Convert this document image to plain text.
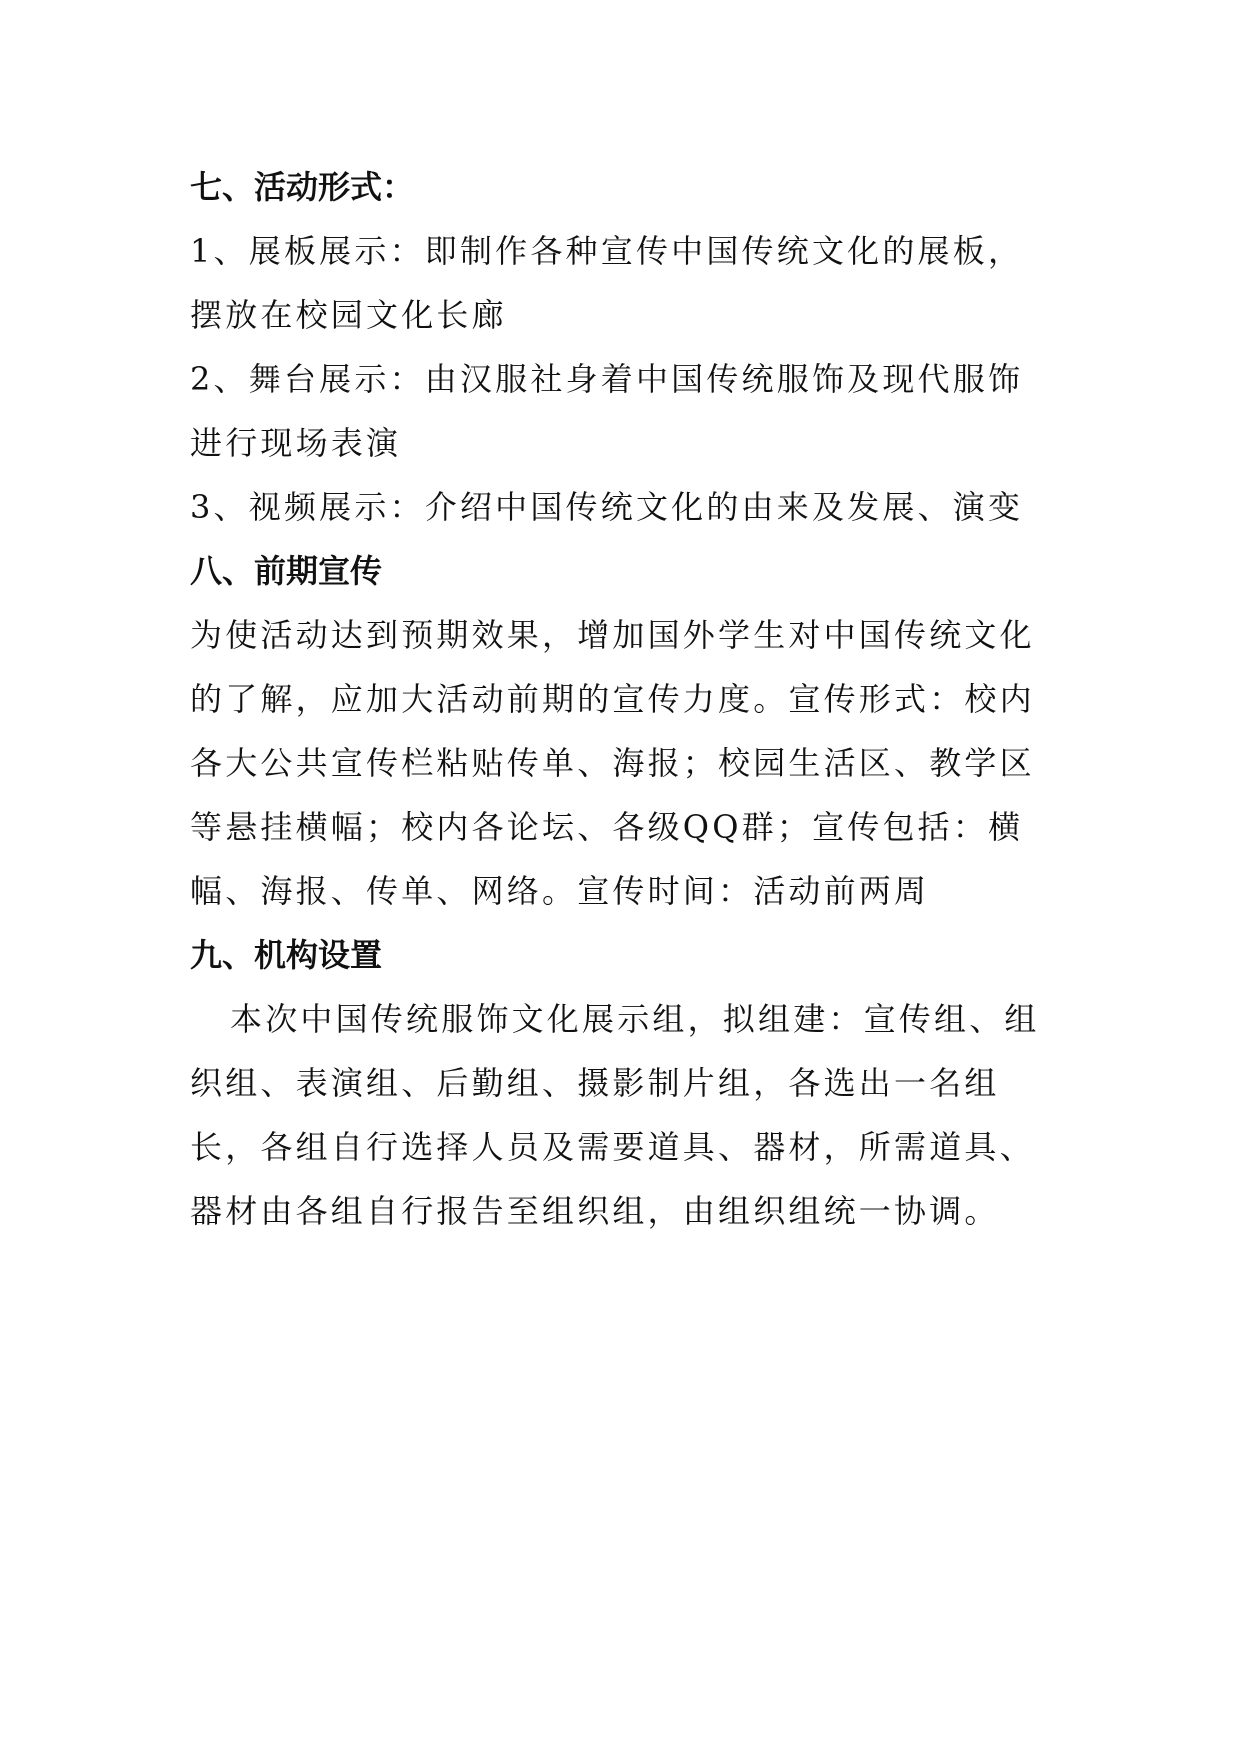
七、活动形式：

1、展板展示：即制作各种宣传中国传统文化的展板，摆放在校园文化长廊

2、舞台展示：由汉服社身着中国传统服饰及现代服饰进行现场表演

3、视频展示：介绍中国传统文化的由来及发展、演变

八、前期宣传

为使活动达到预期效果，增加国外学生对中国传统文化的了解，应加大活动前期的宣传力度。宣传形式：校内各大公共宣传栏粘贴传单、海报；校园生活区、教学区等悬挂横幅；校内各论坛、各级QQ群；宣传包括：横幅、海报、传单、网络。宣传时间：活动前两周

九、机构设置

本次中国传统服饰文化展示组，拟组建：宣传组、组织组、表演组、后勤组、摄影制片组，各选出一名组长，各组自行选择人员及需要道具、器材，所需道具、器材由各组自行报告至组织组，由组织组统一协调。
